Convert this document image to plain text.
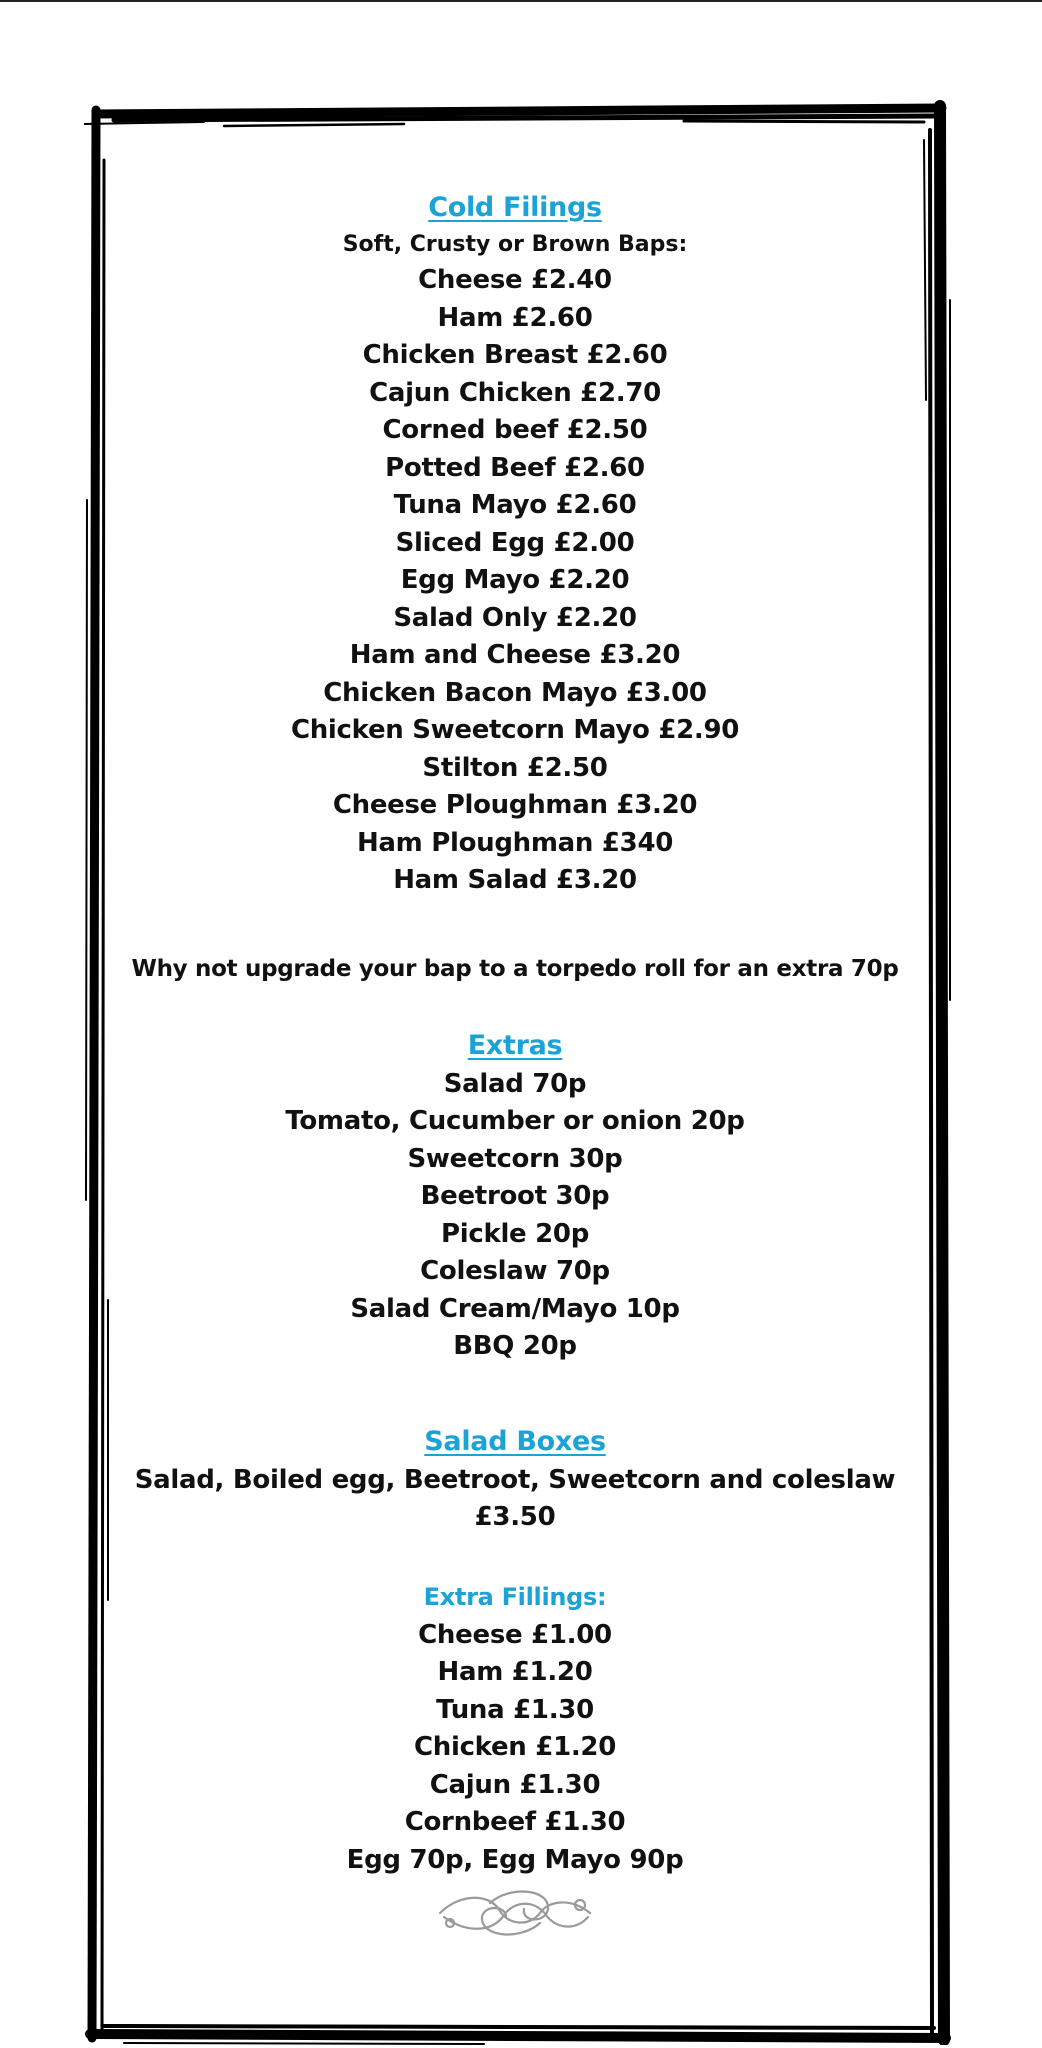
Cold Filings
Soft, Crusty or Brown Baps:
Cheese £2.40
Ham £2.60
Chicken Breast £2.60
Cajun Chicken £2.70
Corned beef £2.50
Potted Beef £2.60
Tuna Mayo £2.60
Sliced Egg £2.00
Egg Mayo £2.20
Salad Only £2.20
Ham and Cheese £3.20
Chicken Bacon Mayo £3.00
Chicken Sweetcorn Mayo £2.90
Stilton £2.50
Cheese Ploughman £3.20
Ham Ploughman £340
Ham Salad £3.20
Why not upgrade your bap to a torpedo roll for an extra 70p
Extras
Salad 70p
Tomato, Cucumber or onion 20p
Sweetcorn 30p
Beetroot 30p
Pickle 20p
Coleslaw 70p
Salad Cream/Mayo 10p
BBQ 20p
Salad Boxes
Salad, Boiled egg, Beetroot, Sweetcorn and coleslaw
£3.50
Extra Fillings:
Cheese £1.00
Ham £1.20
Tuna £1.30
Chicken £1.20
Cajun £1.30
Cornbeef £1.30
Egg 70p, Egg Mayo 90p
